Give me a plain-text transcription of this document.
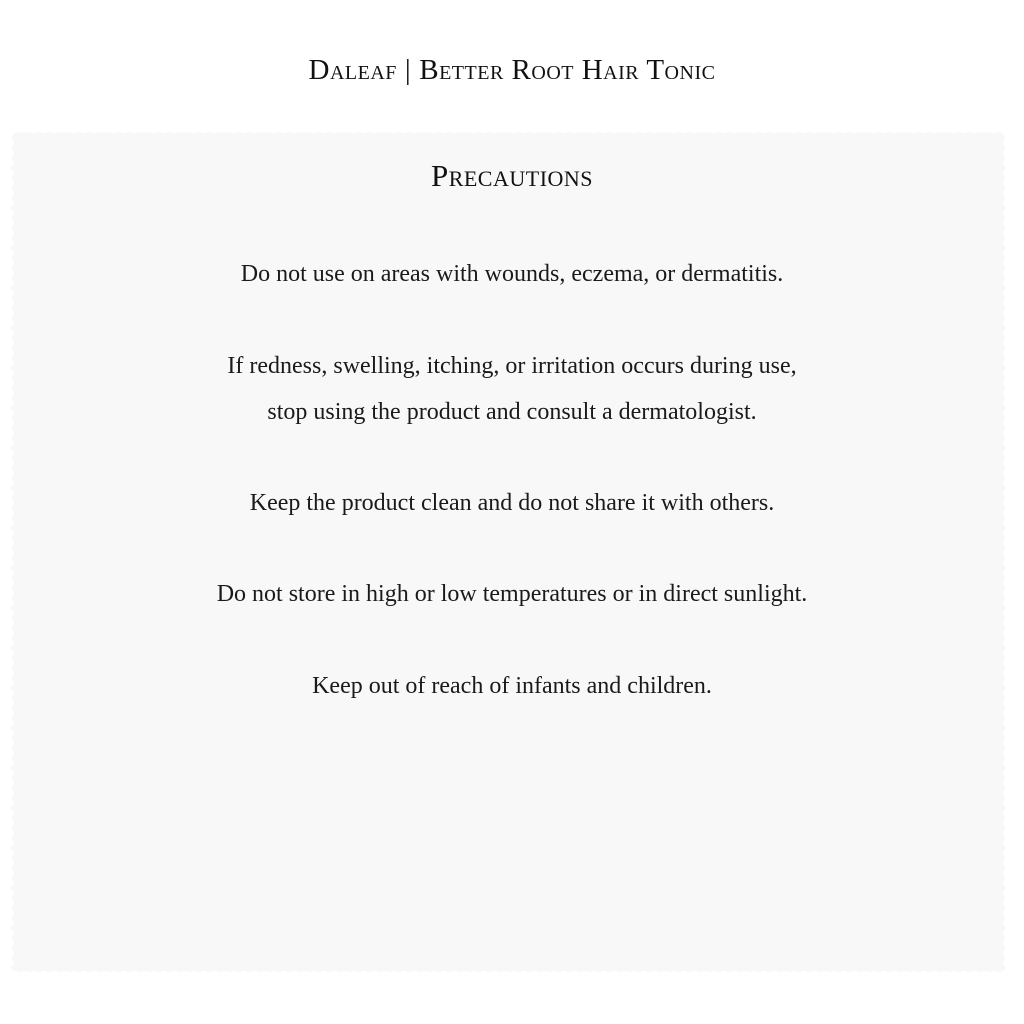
Daleaf | Better Root Hair Tonic
Precautions
Do not use on areas with wounds, eczema, or dermatitis.
If redness, swelling, itching, or irritation occurs during use,
stop using the product and consult a dermatologist.
Keep the product clean and do not share it with others.
Do not store in high or low temperatures or in direct sunlight.
Keep out of reach of infants and children.
